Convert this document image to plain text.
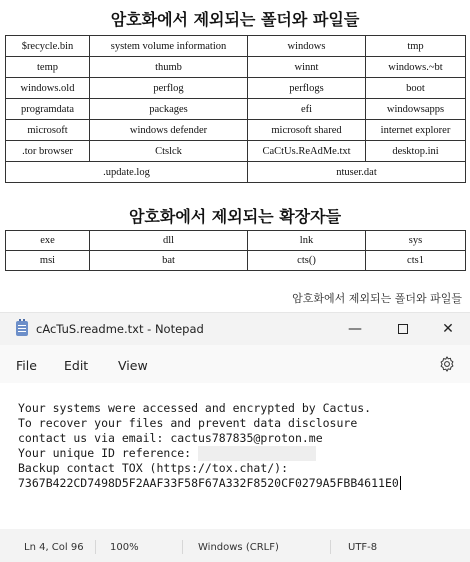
암호화에서 제외되는 폴더와 파일들
$recycle.bin	system volume information	windows	tmp
temp	thumb	winnt	windows.~bt
windows.old	perflog	perflogs	boot
programdata	packages	efi	windowsapps
microsoft	windows defender	microsoft shared	internet explorer
.tor browser	Ctslck	CaCtUs.ReAdMe.txt	desktop.ini
.update.log		ntuser.dat	
암호화에서 제외되는 확장자들
exe	dll	lnk	sys
msi	bat	cts()	cts1
암호화에서 제외되는 폴더와 파일들
cAcTuS.readme.txt - Notepad	—	✕
File Edit View
Your systems were accessed and encrypted by Cactus.
To recover your files and prevent data disclosure
contact us via email: cactus787835@proton.me
Your unique ID reference:
Backup contact TOX (https://tox.chat/):
7367B422CD7498D5F2AAF33F58F67A332F8520CF0279A5FBB4611E0
Ln 4, Col 96	100%	Windows (CRLF)	UTF-8
